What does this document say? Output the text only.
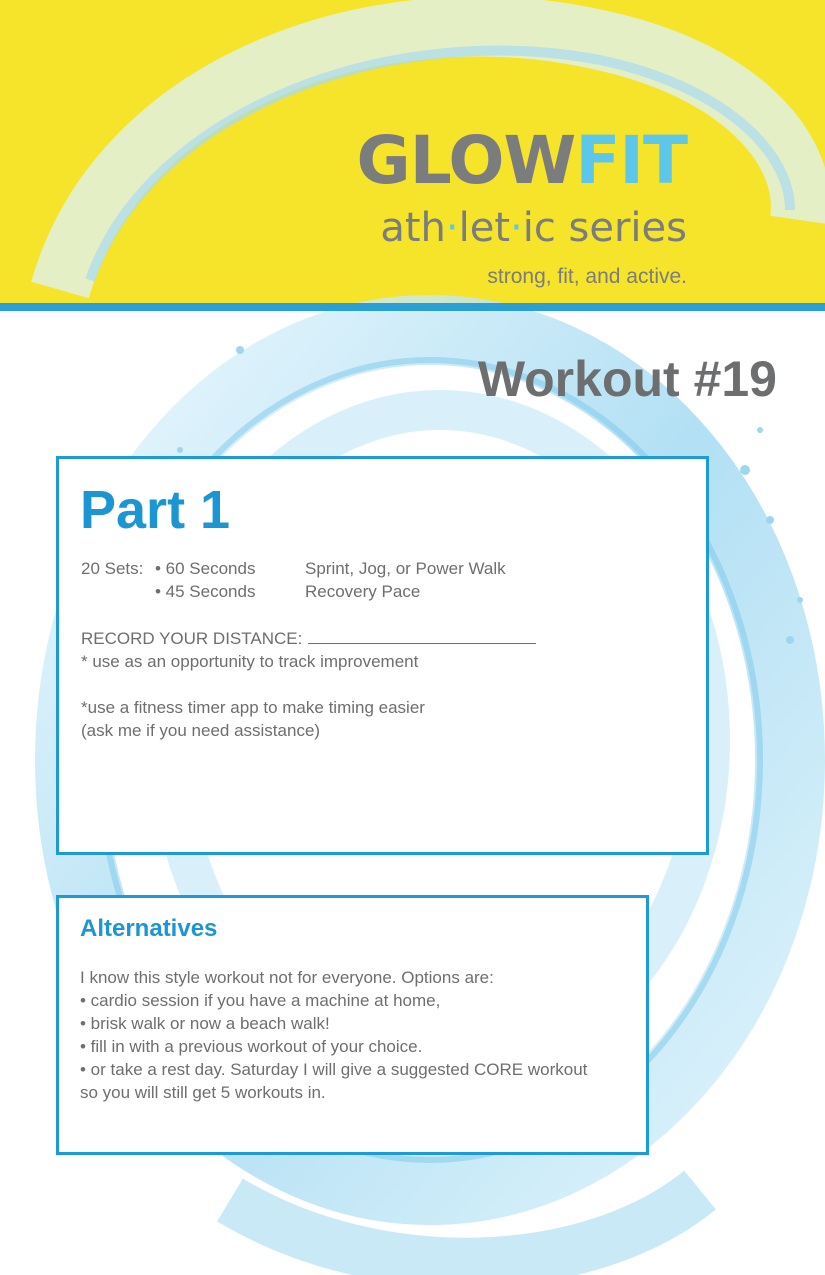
GLOWFIT
ath·let·ic series
strong, fit, and active.
Workout #19
Part 1
20 Sets: • 60 Seconds
• 45 Seconds
Sprint, Jog, or Power Walk
Recovery Pace
RECORD YOUR DISTANCE:
* use as an opportunity to track improvement
*use a fitness timer app to make timing easier
(ask me if you need assistance)
Alternatives
I know this style workout not for everyone. Options are:
• cardio session if you have a machine at home,
• brisk walk or now a beach walk!
• fill in with a previous workout of your choice.
• or take a rest day. Saturday I will give a suggested CORE workout
so you will still get 5 workouts in.
